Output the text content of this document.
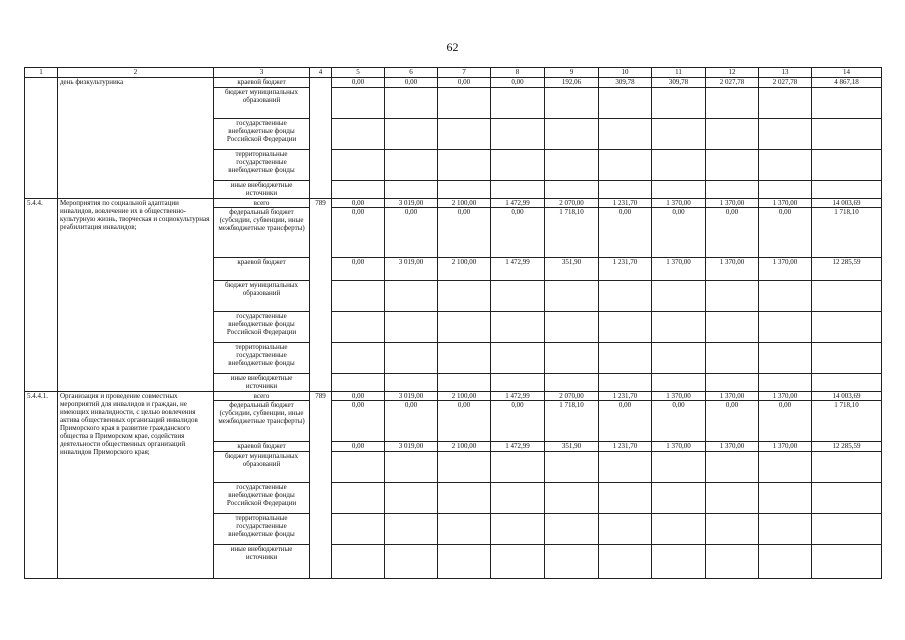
62
1	2	3	4	5	6	7	8	9	10	11	12	13	14
	день физкультурника	краевой бюджет		0,00	0,00	0,00	0,00	192,06	309,78	309,78	2 027,78	2 027,78	4 867,18
		бюджет муниципальных образований											
		государственные внебюджетные фонды Российской Федерации											
		территориальные государственные внебюджетные фонды											
		иные внебюджетные источники											
5.4.4.	Мероприятия по социальной адаптации инвалидов, вовлечение их в общественно-культурную жизнь, творческая и социокультурная реабилитация инвалидов;	всего	789	0,00	3 019,00	2 100,00	1 472,99	2 070,00	1 231,70	1 370,00	1 370,00	1 370,00	14 003,69
		федеральный бюджет (субсидии, субвенции, иные межбюджетные трансферты)		0,00	0,00	0,00	0,00	1 718,10	0,00	0,00	0,00	0,00	1 718,10
		краевой бюджет		0,00	3 019,00	2 100,00	1 472,99	351,90	1 231,70	1 370,00	1 370,00	1 370,00	12 285,59
		бюджет муниципальных образований											
		государственные внебюджетные фонды Российской Федерации											
		территориальные государственные внебюджетные фонды											
		иные внебюджетные источники											
5.4.4.1.	Организация и проведение совместных мероприятий для инвалидов и граждан, не имеющих инвалидности, с целью вовлечения актива общественных организаций инвалидов Приморского края в развитие гражданского общества в Приморском крае, содействия деятельности общественных организаций инвалидов Приморского края;	всего	789	0,00	3 019,00	2 100,00	1 472,99	2 070,00	1 231,70	1 370,00	1 370,00	1 370,00	14 003,69
		федеральный бюджет (субсидии, субвенции, иные межбюджетные трансферты)		0,00	0,00	0,00	0,00	1 718,10	0,00	0,00	0,00	0,00	1 718,10
		краевой бюджет		0,00	3 019,00	2 100,00	1 472,99	351,90	1 231,70	1 370,00	1 370,00	1 370,00	12 285,59
		бюджет муниципальных образований											
		государственные внебюджетные фонды Российской Федерации											
		территориальные государственные внебюджетные фонды											
		иные внебюджетные источники											
